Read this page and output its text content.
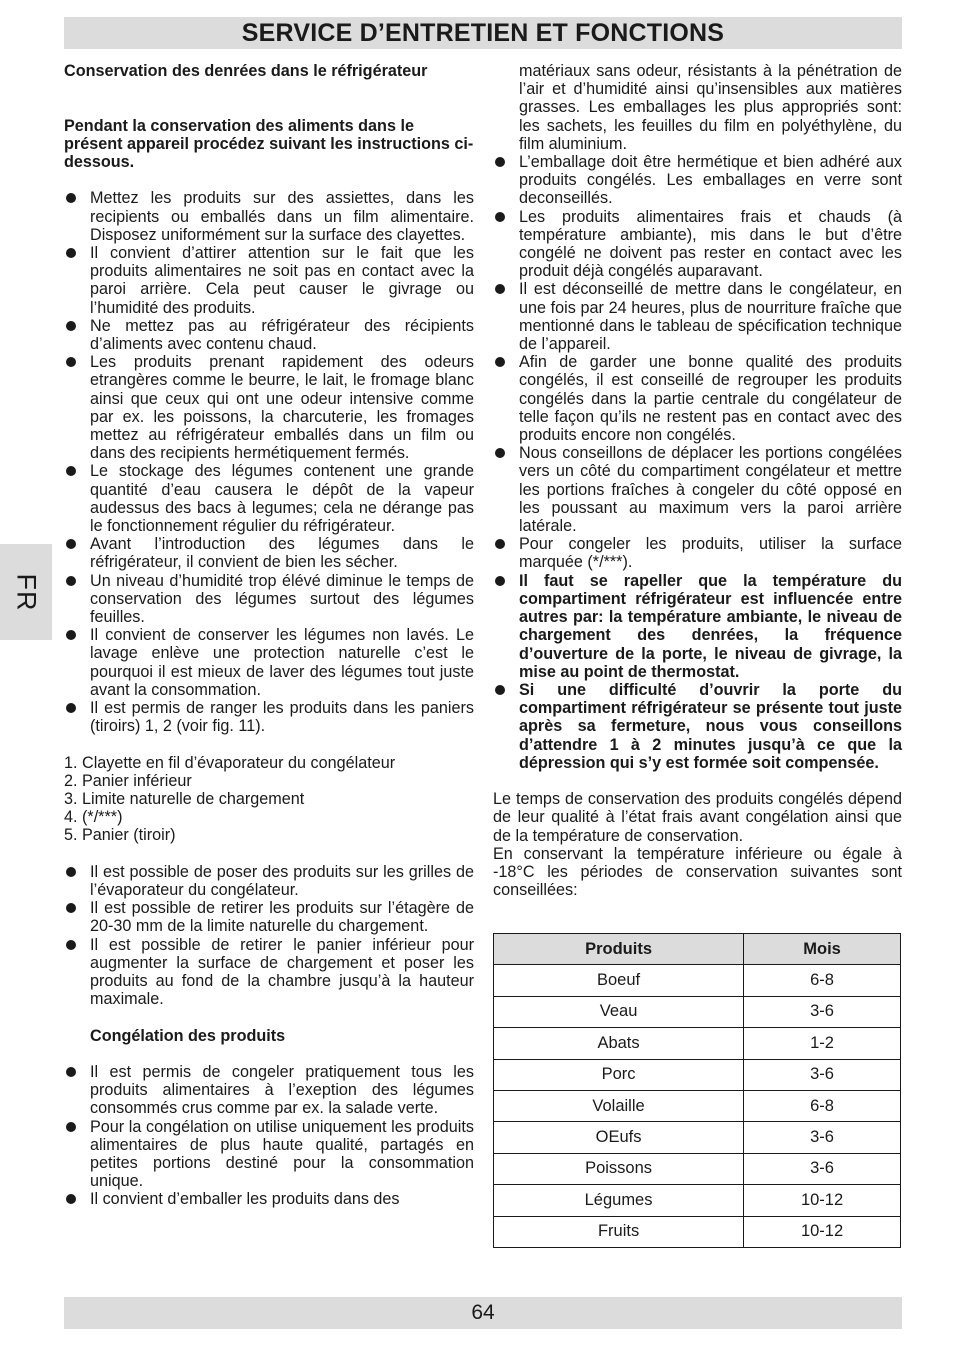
SERVICE D’ENTRETIEN ET FONCTIONS
FR

Conservation des denrées dans le réfrigérateur

Pendant la conservation des aliments dans le présent appareil procédez suivant les instructions ci-dessous.

Mettez les produits sur des assiettes, dans les recipients ou emballés dans un film alimentaire. Disposez uniformément sur la surface des clayettes.
Il convient d’attirer attention sur le fait que les produits alimentaires ne soit pas en contact avec la paroi arrière. Cela peut causer le givrage ou l’humidité des produits.
Ne mettez pas au réfrigérateur des récipients d’aliments avec contenu chaud.
Les produits prenant rapidement des odeurs etrangères comme le beurre, le lait, le fromage blanc ainsi que ceux qui ont une odeur intensive comme par ex. les poissons, la charcuterie, les fromages mettez au réfrigérateur emballés dans un film ou dans des recipients hermétiquement fermés.
Le stockage des légumes contenent une grande quantité d’eau causera le dépôt de la vapeur audessus des bacs à legumes; cela ne dérange pas le fonctionnement régulier du réfrigérateur.
Avant l’introduction des légumes dans le réfrigérateur, il convient de bien les sécher.
Un niveau d’humidité trop élévé diminue le temps de conservation des légumes surtout des légumes feuilles.
Il convient de conserver les légumes non lavés. Le lavage enlève une protection naturelle c’est le pourquoi il est mieux de laver des légumes tout juste avant la consommation.
Il est permis de ranger les produits dans les paniers (tiroirs) 1, 2 (voir fig. 11).

1. Clayette en fil d’évaporateur du congélateur

2. Panier inférieur

3. Limite naturelle de chargement

4. (*/***)

5. Panier (tiroir)

Il est possible de poser des produits sur les grilles de l’évaporateur du congélateur.
Il est possible de retirer les produits sur l’étagère de 20-30 mm de la limite naturelle du chargement.
Il est possible de retirer le panier inférieur pour augmenter la surface de chargement et poser les produits au fond de la chambre jusqu’à la hauteur maximale.

Congélation des produits

Il est permis de congeler pratiquement tous les produits alimentaires à l’exeption des légumes consommés crus comme par ex. la salade verte.
Pour la congélation on utilise uniquement les produits alimentaires de plus haute qualité, partagés en petites portions destiné pour la consommation unique.
Il convient d’emballer les produits dans des

matériaux sans odeur, résistants à la pénétration de l’air et d’humidité ainsi qu’insensibles aux matières grasses. Les emballages les plus appropriés sont: les sachets, les feuilles du film en polyéthylène, du film aluminium.

L’emballage doit être hermétique et bien adhéré aux produits congélés. Les emballages en verre sont deconseillés.
Les produits alimentaires frais et chauds (à température ambiante), mis dans le but d’être congélé ne doivent pas rester en contact avec les produit déjà congélés auparavant.
Il est déconseillé de mettre dans le congélateur, en une fois par 24 heures, plus de nourriture fraîche que mentionné dans le tableau de spécification technique de l’appareil.
Afin de garder une bonne qualité des produits congélés, il est conseillé de regrouper les produits congélés dans la partie centrale du congélateur de telle façon qu’ils ne restent pas en contact avec des produits encore non congélés.
Nous conseillons de déplacer les portions congélées vers un côté du compartiment congélateur et mettre les portions fraîches à congeler du côté opposé en les poussant au maximum vers la paroi arrière latérale.
Pour congeler les produits, utiliser la surface marquée (*/***).
Il faut se rapeller que la température du compartiment réfrigérateur est influencée entre autres par: la température ambiante, le niveau de chargement des denrées, la fréquence d’ouverture de la porte, le niveau de givrage, la mise au point de thermostat.
Si une difficulté d’ouvrir la porte du compartiment réfrigérateur se présente tout juste après sa fermeture, nous vous conseillons d’attendre 1 à 2 minutes jusqu’à ce que la dépression qui s’y est formée soit compensée.

Le temps de conservation des produits congélés dépend de leur qualité à l’état frais avant congélation ainsi que de la température de conservation.

En conservant la température inférieure ou égale à -18°C les périodes de conservation suivantes sont conseillées:

Produits	Mois
Boeuf	6-8
Veau	3-6
Abats	1-2
Porc	3-6
Volaille	6-8
OEufs	3-6
Poissons	3-6
Légumes	10-12
Fruits	10-12
64
